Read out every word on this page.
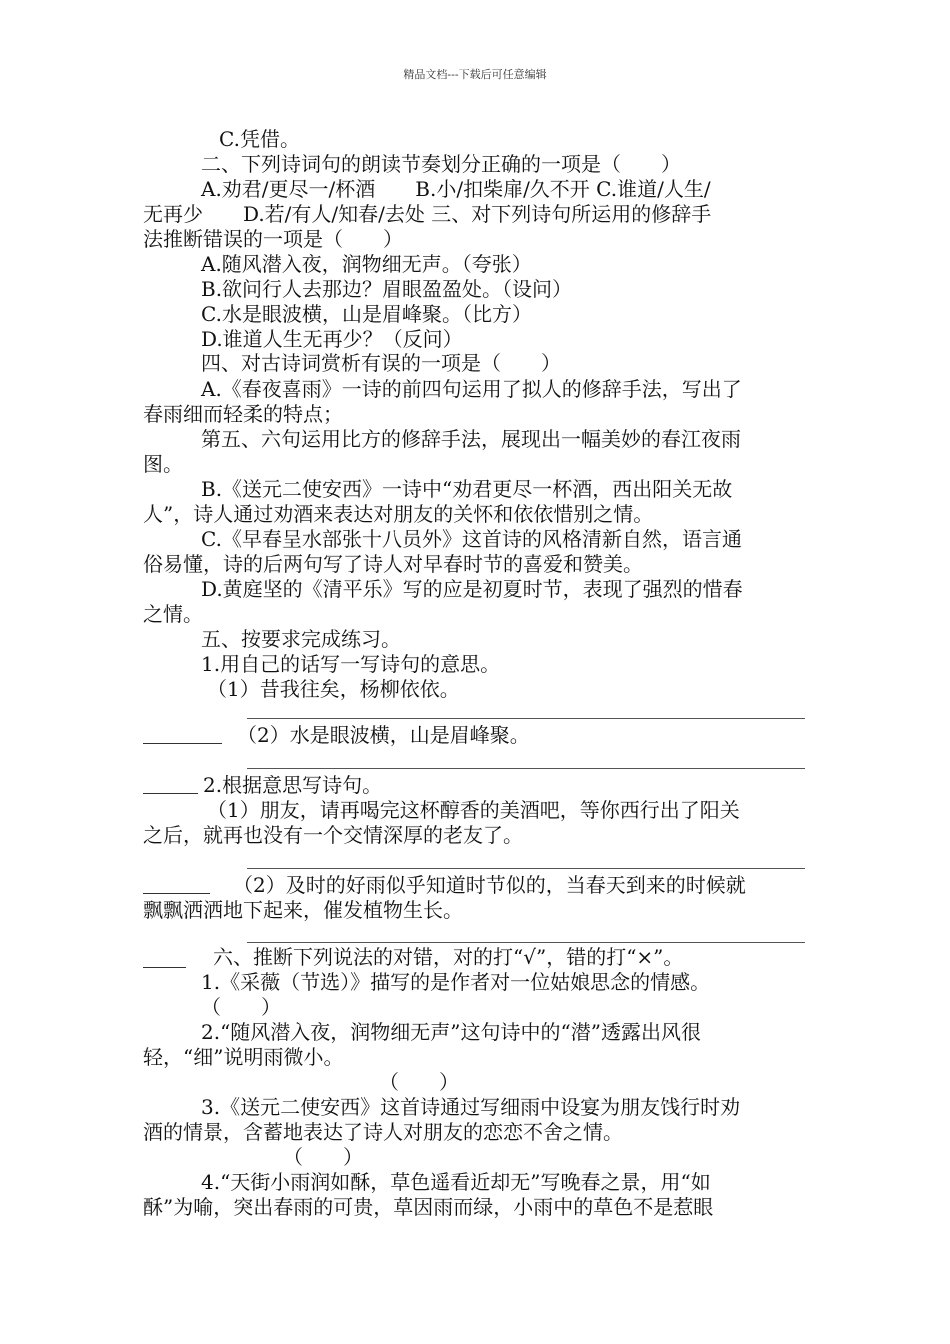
精品文档---下载后可任意编辑
C.凭借。
二、下列诗词句的朗读节奏划分正确的一项是（　　）
A.劝君/更尽一/杯酒　　B.小/扣柴扉/久不开 C.谁道/人生/
无再少　　D.若/有人/知春/去处 三、对下列诗句所运用的修辞手
法推断错误的一项是（　　）
A.随风潜入夜，润物细无声。（夸张）
B.欲问行人去那边？眉眼盈盈处。（设问）
C.水是眼波横，山是眉峰聚。（比方）
D.谁道人生无再少？（反问）
四、对古诗词赏析有误的一项是（　　）
A.《春夜喜雨》一诗的前四句运用了拟人的修辞手法，写出了
春雨细而轻柔的特点；
第五、六句运用比方的修辞手法，展现出一幅美妙的春江夜雨
图。
B.《送元二使安西》一诗中“劝君更尽一杯酒，西出阳关无故
人”，诗人通过劝酒来表达对朋友的关怀和依依惜别之情。
C.《早春呈水部张十八员外》这首诗的风格清新自然，语言通
俗易懂，诗的后两句写了诗人对早春时节的喜爱和赞美。
D.黄庭坚的《清平乐》写的应是初夏时节，表现了强烈的惜春
之情。
五、按要求完成练习。
1.用自己的话写一写诗句的意思。
（1）昔我往矣，杨柳依依。
（2）水是眼波横，山是眉峰聚。
2.根据意思写诗句。
（1）朋友，请再喝完这杯醇香的美酒吧，等你西行出了阳关
之后，就再也没有一个交情深厚的老友了。
（2）及时的好雨似乎知道时节似的，当春天到来的时候就
飘飘洒洒地下起来，催发植物生长。
六、推断下列说法的对错，对的打“√”，错的打“×”。
1.《采薇（节选）》描写的是作者对一位姑娘思念的情感。
（　　）
2.“随风潜入夜，润物细无声”这句诗中的“潜”透露出风很
轻，“细”说明雨微小。
（　　）
3.《送元二使安西》这首诗通过写细雨中设宴为朋友饯行时劝
酒的情景，含蓄地表达了诗人对朋友的恋恋不舍之情。
（　　）
4.“天街小雨润如酥，草色遥看近却无”写晚春之景，用“如
酥”为喻，突出春雨的可贵，草因雨而绿，小雨中的草色不是惹眼
